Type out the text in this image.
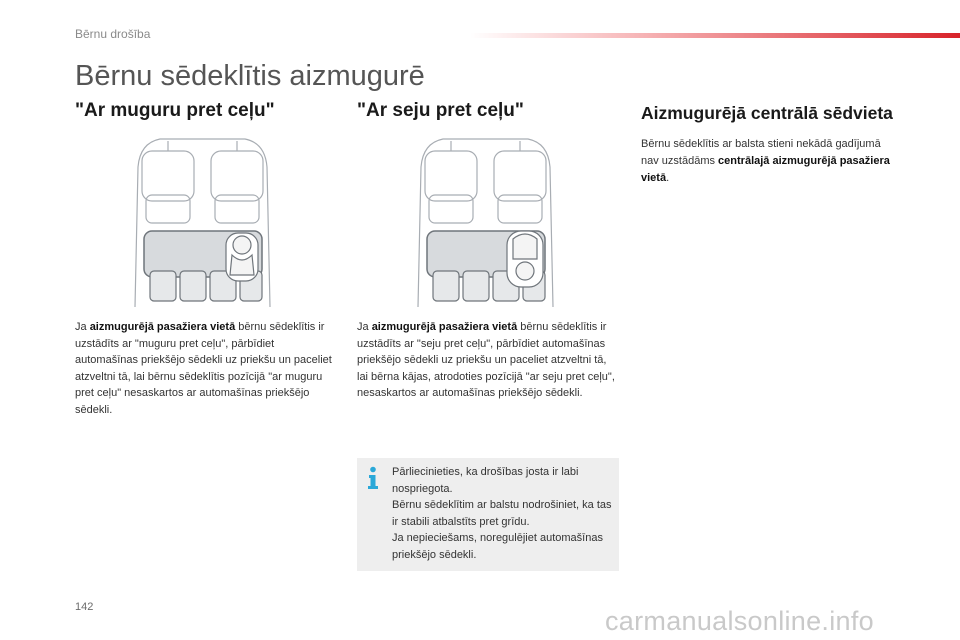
Bērnu drošība
Bērnu sēdeklītis aizmugurē
"Ar muguru pret ceļu"	"Ar seju pret ceļu"	Aizmugurējā centrālā sēdvieta
Bērnu sēdeklītis ar balsta stieni nekādā gadījumā nav uzstādāms centrālajā aizmugurējā pasažiera vietā.
Ja aizmugurējā pasažiera vietā bērnu sēdeklītis ir uzstādīts ar "muguru pret ceļu", pārbīdiet automašīnas priekšējo sēdekli uz priekšu un paceliet atzveltni tā, lai bērnu sēdeklītis pozīcijā "ar muguru pret ceļu" nesaskartos ar automašīnas priekšējo sēdekli.
Ja aizmugurējā pasažiera vietā bērnu sēdeklītis ir uzstādīts ar "seju pret ceļu", pārbīdiet automašīnas priekšējo sēdekli uz priekšu un paceliet atzveltni tā, lai bērna kājas, atrodoties pozīcijā "ar seju pret ceļu", nesaskartos ar automašīnas priekšējo sēdekli.
Pārliecinieties, ka drošības josta ir labi nospriegota.
Bērnu sēdeklītim ar balstu nodrošiniet, ka tas ir stabili atbalstīts pret grīdu.
Ja nepieciešams, noregulējiet automašīnas priekšējo sēdekli.
142	carmanualsonline.info
